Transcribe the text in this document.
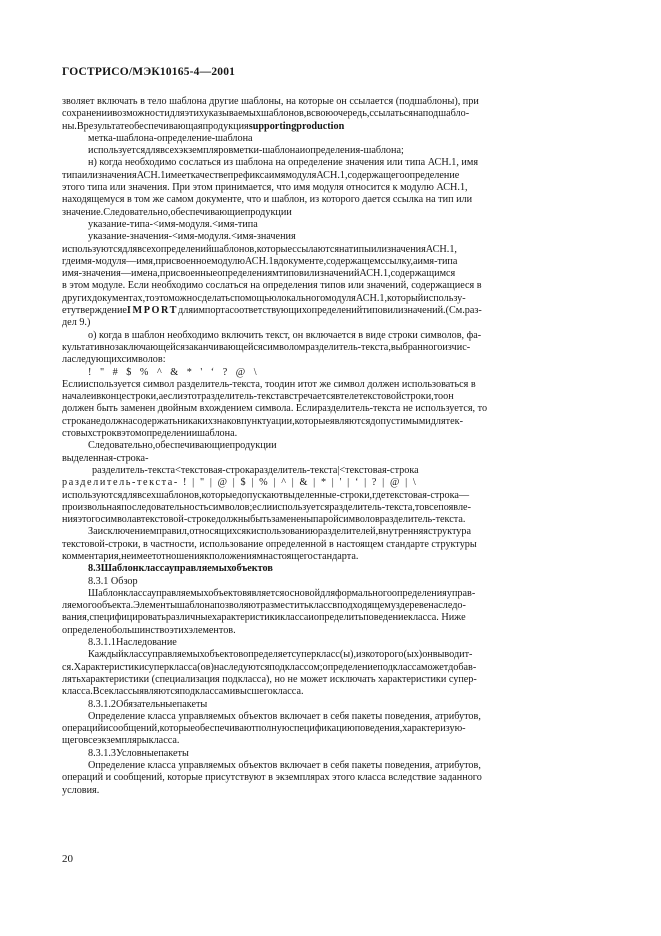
ГОСТРИСО/МЭК10165-4—2001
зволяет включать в тело шаблона другие шаблоны, на которые он ссылается (подшаблоны), при
сохранениивозможностидляэтихуказываемыхшаблонов,всвоюочередь,ссылатьсянаподшабло-
ны.Врезультатеобеспечивающаяпродукцияsupportingproduction
метка-шаблона-определение-шаблона
используетсядлявсехэкземпляровметки-шаблонаиопределения-шаблона;
н) когда необходимо сослаться из шаблона на определение значения или типа АСН.1, имя
типаилизначенияАСН.1имееткачествепрефиксаимямодуляАСН.1,содержащегоопределение
этого типа или значения. При этом принимается, что имя модуля относится к модулю АСН.1,
находящемуся в том же самом документе, что и шаблон, из которого дается ссылка на тип или
значение.Следовательно,обеспечивающиепродукции
указание-типа-<имя-модуля.<имя-типа
указание-значения-<имя-модуля.<имя-значения
используютсядлявсехопределенийшаблонов,которыессылаютсянатипыилизначенияАСН.1,
гдеимя-модуля—имя,присвоенноемодулюАСН.1вдокументе,содержащемссылку,аимя-типа
имя-значения—имена,присвоенныеопределениямтиповилизначенийАСН.1,содержащимся
в этом модуле. Если необходимо сослаться на определения типов или значений, содержащиеся в
другихдокументах,тоэтоможносделатьспомощьюлокальногомодуляАСН.1,которыйиспользу-
етутверждениеIMPORTдляимпортасоответствующихопределенийтиповилизначений.(См.раз-
дел 9.)
о) когда в шаблон необходимо включить текст, он включается в виде строки символов, фа-
культативнозаключающейсязаканчивающейсясимволомразделитель-текста,выбранногоизчис-
ласледующихсимволов:
! " # $ % ^ & * ' ‘ ? @ \
Еслииспользуется символ разделитель-текста, тоодин итот же символ должен использоваться в
началеивконцестроки,аеслиэтотразделитель-текставстречаетсявтелетекстовойстроки,тоон
должен быть заменен двойным вхождением символа. Еслиразделитель-текста не используется, то
строканедолжнасодержатьникакихзнаковпунктуации,которыеявляютсядопустимымидлятек-
стовыхстроквэтомопределениишаблона.
Следовательно,обеспечивающиепродукции
выделенная-строка-
разделитель-текста<текстовая-строкаразделитель-текста|<текстовая-строка
разделитель-текста- ! | " | @ | $ | % | ^ | & | * | ' | ‘ | ? | @ | \
используютсядлявсехшаблонов,которыедопускаютвыделенные-строки,гдетекстовая-строка—
произвольнаяпоследовательностьсимволов;еслииспользуетсяразделитель-текста,товсепоявле-
нияэтогосимволавтекстовой-строкедолжныбытьзамененыпаройсимволовразделитель-текста.
Заисключениемправил,относящихсякиспользованиюразделителей,внутренняяструктура
текстовой-строки, в частности, использование определенной в настоящем стандарте структуры
комментария,неимеетотношениякположениямнастоящегостандарта.
8.3Шаблонклассауправляемыхобъектов
8.3.1 Обзор
Шаблонклассауправляемыхобъектовявляетсяосновойдляформальногоопределенияуправ-
ляемогообъекта.Элементышаблонапозволяютразместитьклассвподходящемуздеревенаследо-
вания,специфицироватьразличныехарактеристикиклассаиопределитьповедениекласса. Ниже
определенобольшинствоэтихэлементов.
8.3.1.1Наследование
Каждыйклассуправляемыхобъектовопределяетсуперкласс(ы),изкоторого(ых)онвыводит-
ся.Характеристикисуперкласса(ов)наследуютсяподклассом;определениеподклассаможетдобав-
лятьхарактеристики (специализация подкласса), но не может исключать характеристики супер-
класса.Всеклассыявляютсяподклассамивысшегокласса.
8.3.1.2Обязательныепакеты
Определение класса управляемых объектов включает в себя пакеты поведения, атрибутов,
операцийисообщений,которыеобеспечиваютполнуюспецификациюповедения,характеризую-
щеговсеэкземплярыкласса.
8.3.1.3Условныепакеты
Определение класса управляемых объектов включает в себя пакеты поведения, атрибутов,
операций и сообщений, которые присутствуют в экземплярах этого класса вследствие заданного
условия.
20
